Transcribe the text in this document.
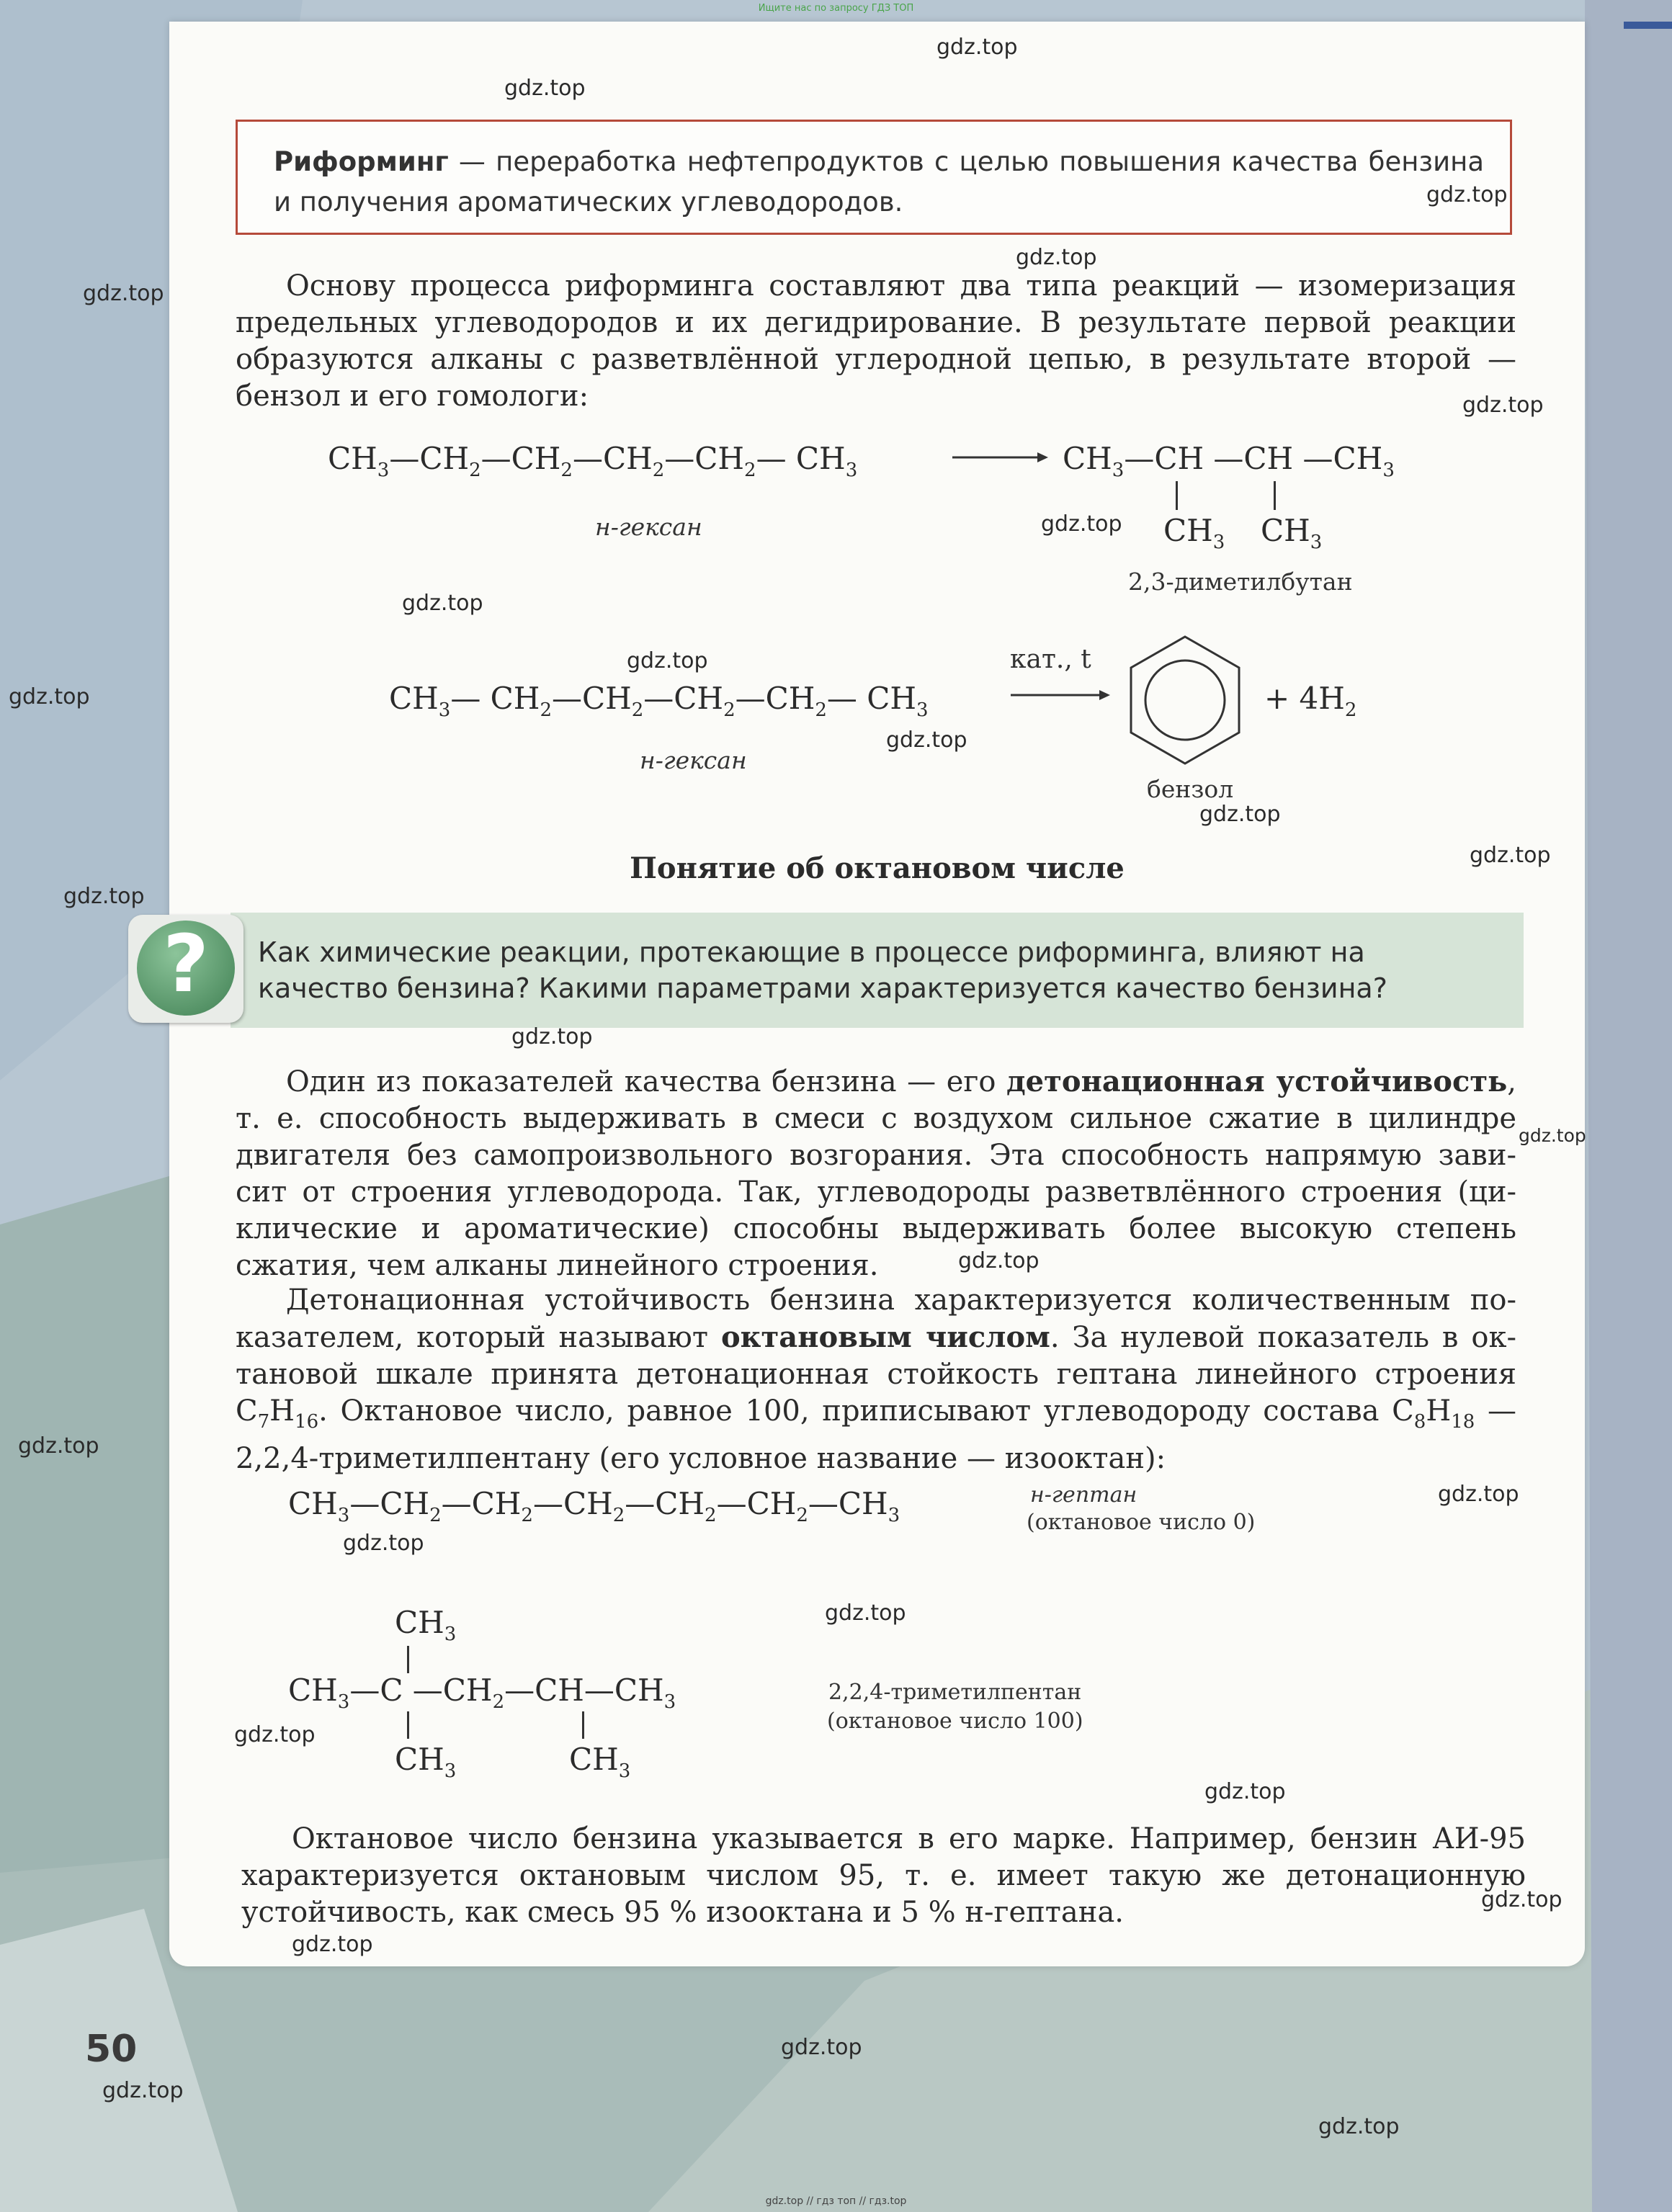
Ищите нас по запросу ГДЗ ТОП

Риформинг — переработка нефтепродуктов с целью повышения качества бензина и получения ароматических углеводородов.

Основу процесса риформинга составляют два типа реакций — изомеризация
предельных углеводородов и их дегидрирование. В результате первой реакции
образуются алканы с разветвлённой углеродной цепью, в результате второй —
бензол и его гомологи:
$CH_3—CH_2—CH_2—CH_2—CH_2—$ $CH_3$	$CH_3—CH$ —CH $—CH_3$
$CH_3$ $CH_3$
н-гексан
2,3-диметилбутан
$CH_3—$ $CH_2—CH_2—CH_2—CH_2—$ $CH_3$
кат., t
+ $4H_2$
н-гексан
бензол
Понятие об октановом числе
?	Как химические реакции, протекающие в процессе риформинга, влияют на качество бензина? Какими параметрами характеризуется качество бензина?
Один из показателей качества бензина — его детонационная устойчивость,
т. е. способность выдерживать в смеси с воздухом сильное сжатие в цилиндре
двигателя без самопроизвольного возгорания. Эта способность напрямую зави-
сит от строения углеводорода. Так, углеводороды разветвлённого строения (ци-
клические и ароматические) способны выдерживать более высокую степень
сжатия, чем алканы линейного строения.
Детонационная устойчивость бензина характеризуется количественным по-
казателем, который называют октановым числом. За нулевой показатель в ок-
тановой шкале принята детонационная стойкость гептана линейного строения
$C_7H_{16}$. Октановое число, равное 100, приписывают углеводороду состава $C_8H_{18}$ —
2,2,4-триметилпентану (его условное название — изооктан):
$CH_3—CH_2—CH_2—CH_2—CH_2—CH_2—CH_3$
н-гептан
(октановое число 0)
$CH_3$
$CH_3—C$ $—CH_2—CH—CH_3$
$CH_3$	$CH_3$
2,2,4-триметилпентан
(октановое число 100)
Октановое число бензина указывается в его марке. Например, бензин АИ-95
характеризуется октановым числом 95, т. е. имеет такую же детонационную
устойчивость, как смесь 95 % изооктана и 5 % н-гептана.
50
gdz.top
gdz.top
gdz.top
gdz.top
gdz.top
gdz.top
gdz.top
gdz.top
gdz.top
gdz.top
gdz.top
gdz.top
gdz.top
gdz.top
gdz.top
gdz.top
gdz.top
gdz.top
gdz.top
gdz.top
gdz.top
gdz.top
gdz.top
gdz.top
gdz.top
gdz.top
gdz.top
gdz.top
gdz.top // гдз топ // гдз.top
